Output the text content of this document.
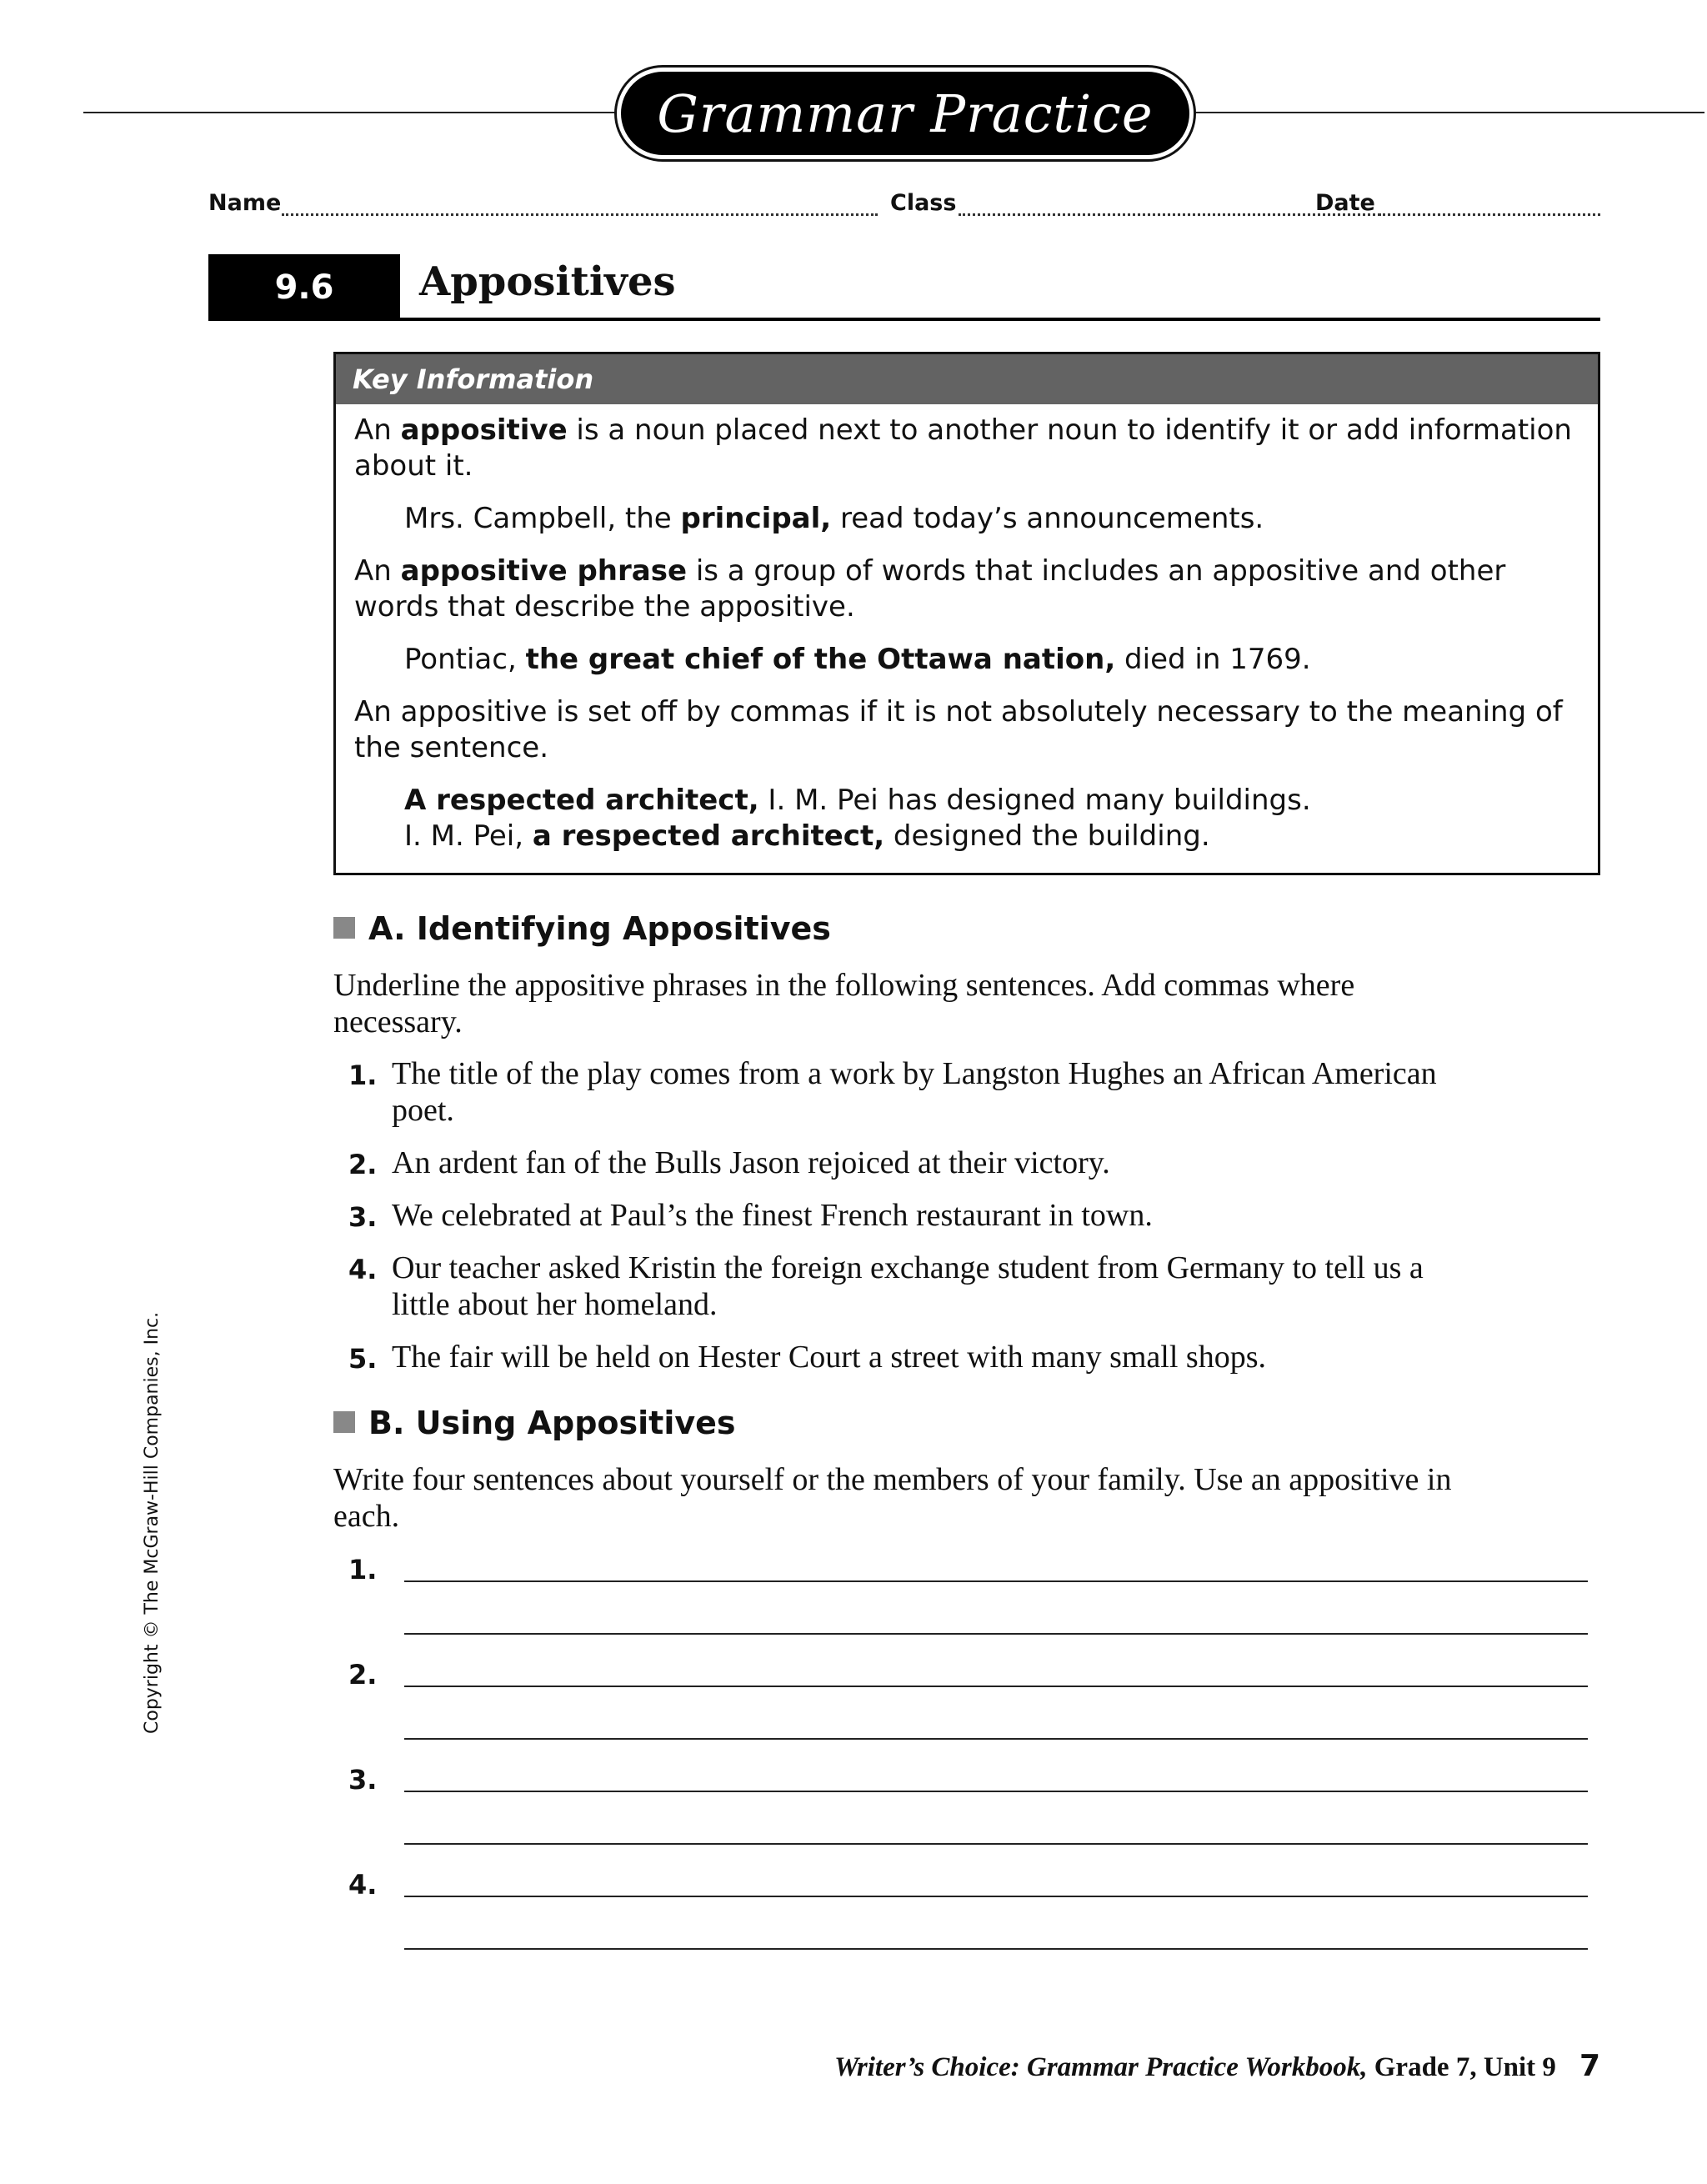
Grammar Practice
Name	Class	Date
9.6	Appositives
Key Information

An appositive is a noun placed next to another noun to identify it or add information about it.

Mrs. Campbell, the principal, read today’s announcements.

An appositive phrase is a group of words that includes an appositive and other words that describe the appositive.

Pontiac, the great chief of the Ottawa nation, died in 1769.

An appositive is set off by commas if it is not absolutely necessary to the meaning of the sentence.

A respected architect, I. M. Pei has designed many buildings.
I. M. Pei, a respected architect, designed the building.

A. Identifying Appositives
Underline the appositive phrases in the following sentences. Add commas where necessary.
1. The title of the play comes from a work by Langston Hughes an African American poet.
2. An ardent fan of the Bulls Jason rejoiced at their victory.
3. We celebrated at Paul’s the finest French restaurant in town.
4. Our teacher asked Kristin the foreign exchange student from Germany to tell us a little about her homeland.
5. The fair will be held on Hester Court a street with many small shops.
B. Using Appositives
Write four sentences about yourself or the members of your family. Use an appositive in each.
1.
2.
3.
4.
Copyright © The McGraw-Hill Companies, Inc.
Writer’s Choice: Grammar Practice Workbook, Grade 7, Unit 9 7
